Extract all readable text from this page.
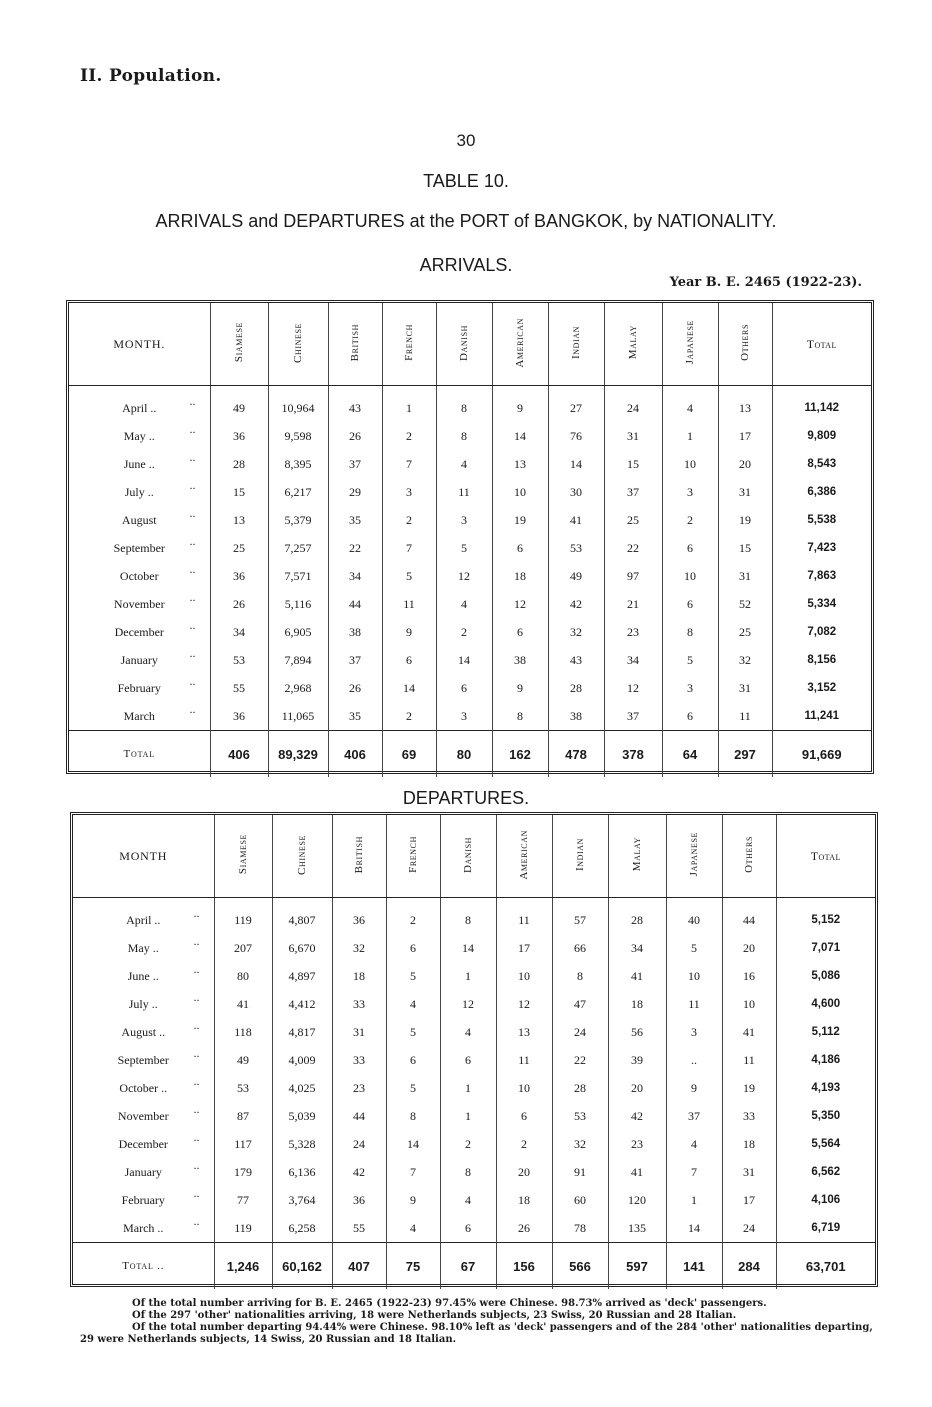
II. Population.
30
TABLE 10.
ARRIVALS and DEPARTURES at the PORT of BANGKOK, by NATIONALITY.
ARRIVALS.
Year B. E. 2465 (1922-23).
MONTH.	Siamese	Chinese	British	French	Danish	American	Indian	Malay	Japanese	Others	Total
April .. ..	49	10,964	43	1	8	9	27	24	4	13	11,142
May .. ..	36	9,598	26	2	8	14	76	31	1	17	9,809
June .. ..	28	8,395	37	7	4	13	14	15	10	20	8,543
July .. ..	15	6,217	29	3	11	10	30	37	3	31	6,386
August ..	13	5,379	35	2	3	19	41	25	2	19	5,538
September ..	25	7,257	22	7	5	6	53	22	6	15	7,423
October ..	36	7,571	34	5	12	18	49	97	10	31	7,863
November ..	26	5,116	44	11	4	12	42	21	6	52	5,334
December ..	34	6,905	38	9	2	6	32	23	8	25	7,082
January ..	53	7,894	37	6	14	38	43	34	5	32	8,156
February ..	55	2,968	26	14	6	9	28	12	3	31	3,152
March ..	36	11,065	35	2	3	8	38	37	6	11	11,241
Total	406	89,329	406	69	80	162	478	378	64	297	91,669
DEPARTURES.
MONTH	Siamese	Chinese	British	French	Danish	American	Indian	Malay	Japanese	Others	Total
April .. ..	119	4,807	36	2	8	11	57	28	40	44	5,152
May .. ..	207	6,670	32	6	14	17	66	34	5	20	7,071
June .. ..	80	4,897	18	5	1	10	8	41	10	16	5,086
July .. ..	41	4,412	33	4	12	12	47	18	11	10	4,600
August .. ..	118	4,817	31	5	4	13	24	56	3	41	5,112
September ..	49	4,009	33	6	6	11	22	39	..	11	4,186
October .. ..	53	4,025	23	5	1	10	28	20	9	19	4,193
November ..	87	5,039	44	8	1	6	53	42	37	33	5,350
December ..	117	5,328	24	14	2	2	32	23	4	18	5,564
January ..	179	6,136	42	7	8	20	91	41	7	31	6,562
February ..	77	3,764	36	9	4	18	60	120	1	17	4,106
March .. ..	119	6,258	55	4	6	26	78	135	14	24	6,719
Total ..	1,246	60,162	407	75	67	156	566	597	141	284	63,701

Of the total number arriving for B. E. 2465 (1922-23) 97.45% were Chinese. 98.73% arrived as 'deck' passengers.

Of the 297 'other' nationalities arriving, 18 were Netherlands subjects, 23 Swiss, 20 Russian and 28 Italian.

Of the total number departing 94.44% were Chinese. 98.10% left as 'deck' passengers and of the 284 'other' nationalities departing, 29 were Netherlands subjects, 14 Swiss, 20 Russian and 18 Italian.
